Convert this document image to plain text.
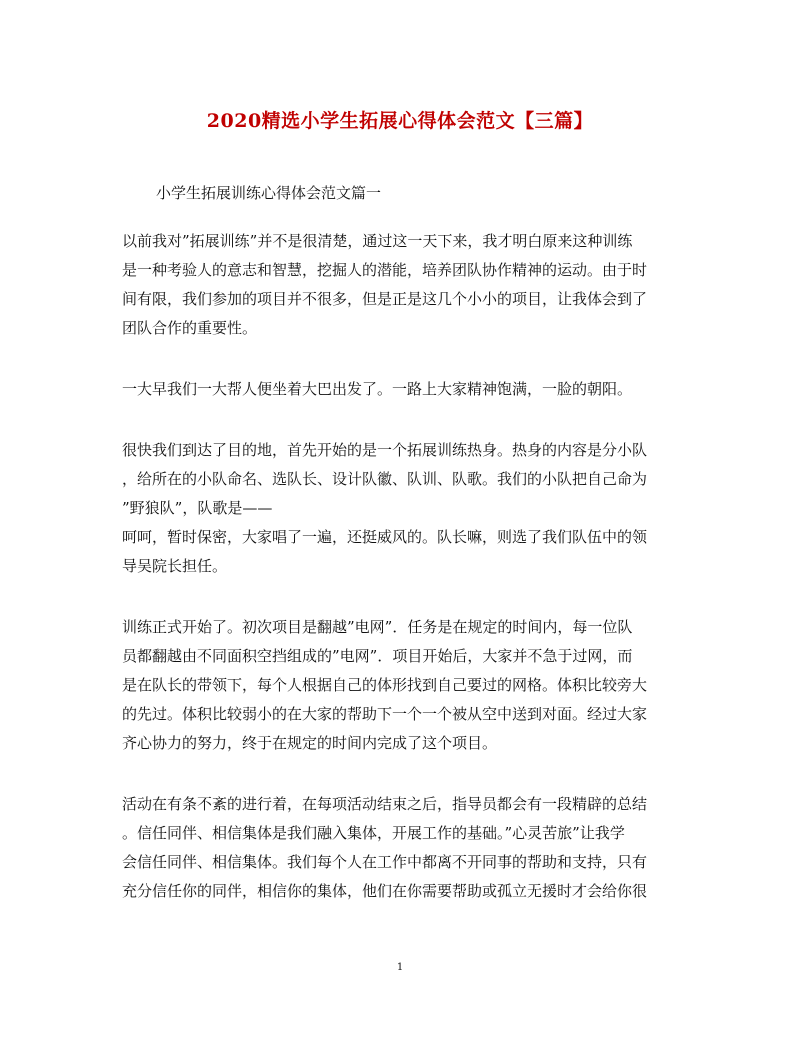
2020精选小学生拓展心得体会范文【三篇】
小学生拓展训练心得体会范文篇一
以前我对”拓展训练”并不是很清楚，通过这一天下来，我才明白原来这种训练
是一种考验人的意志和智慧，挖掘人的潜能，培养团队协作精神的运动。由于时
间有限，我们参加的项目并不很多，但是正是这几个小小的项目，让我体会到了
团队合作的重要性。
一大早我们一大帮人便坐着大巴出发了。一路上大家精神饱满，一脸的朝阳。
很快我们到达了目的地，首先开始的是一个拓展训练热身。热身的内容是分小队
，给所在的小队命名、选队长、设计队徽、队训、队歌。我们的小队把自己命为
”野狼队”，队歌是——
呵呵，暂时保密，大家唱了一遍，还挺威风的。队长嘛，则选了我们队伍中的领
导吴院长担任。
训练正式开始了。初次项目是翻越”电网”．任务是在规定的时间内，每一位队
员都翻越由不同面积空挡组成的”电网”．项目开始后，大家并不急于过网，而
是在队长的带领下，每个人根据自己的体形找到自己要过的网格。体积比较旁大
的先过。体积比较弱小的在大家的帮助下一个一个被从空中送到对面。经过大家
齐心协力的努力，终于在规定的时间内完成了这个项目。
活动在有条不紊的进行着，在每项活动结束之后，指导员都会有一段精辟的总结
。信任同伴、相信集体是我们融入集体，开展工作的基础。”心灵苦旅”让我学
会信任同伴、相信集体。我们每个人在工作中都离不开同事的帮助和支持，只有
充分信任你的同伴，相信你的集体，他们在你需要帮助或孤立无援时才会给你很
1
